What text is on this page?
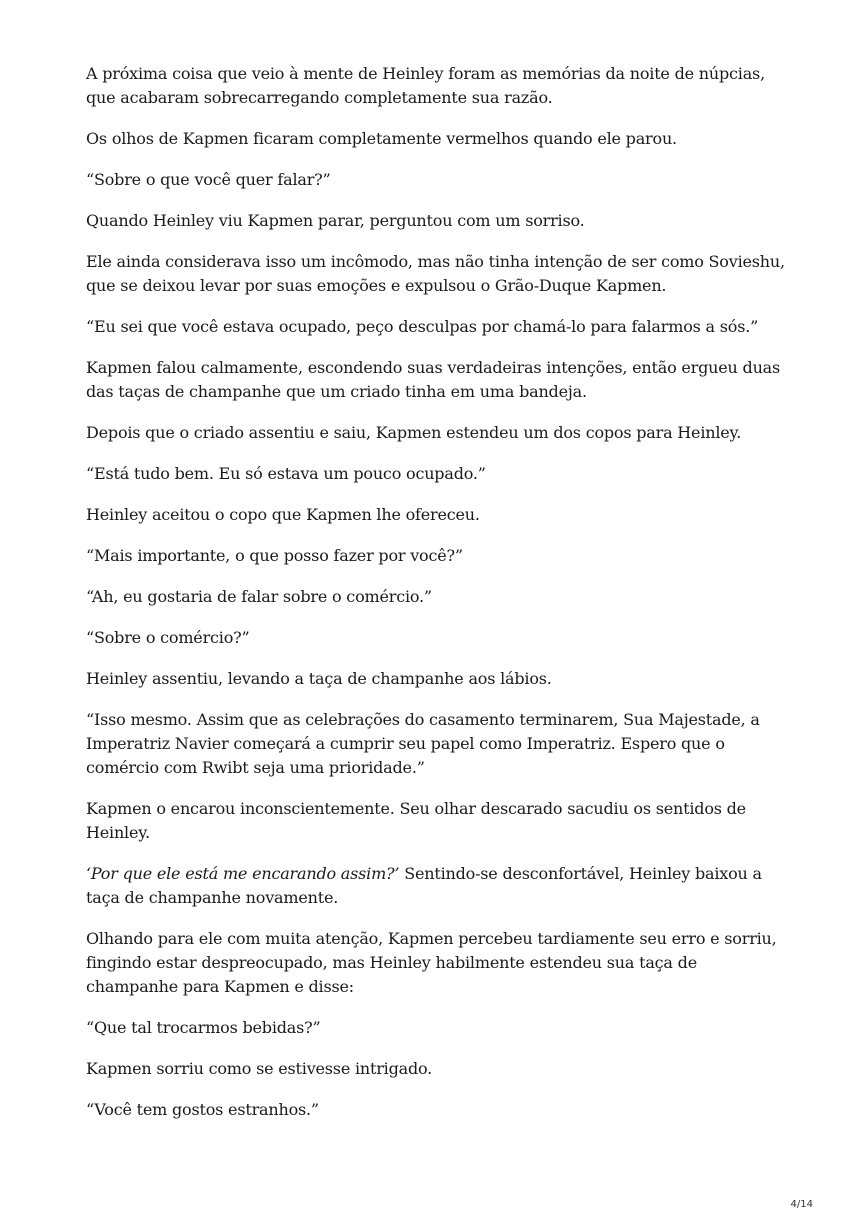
A próxima coisa que veio à mente de Heinley foram as memórias da noite de núpcias, que acabaram sobrecarregando completamente sua razão.

Os olhos de Kapmen ficaram completamente vermelhos quando ele parou.

“Sobre o que você quer falar?”

Quando Heinley viu Kapmen parar, perguntou com um sorriso.

Ele ainda considerava isso um incômodo, mas não tinha intenção de ser como Sovieshu, que se deixou levar por suas emoções e expulsou o Grão-Duque Kapmen.

“Eu sei que você estava ocupado, peço desculpas por chamá-lo para falarmos a sós.”

Kapmen falou calmamente, escondendo suas verdadeiras intenções, então ergueu duas das taças de champanhe que um criado tinha em uma bandeja.

Depois que o criado assentiu e saiu, Kapmen estendeu um dos copos para Heinley.

“Está tudo bem. Eu só estava um pouco ocupado.”

Heinley aceitou o copo que Kapmen lhe ofereceu.

“Mais importante, o que posso fazer por você?”

“Ah, eu gostaria de falar sobre o comércio.”

“Sobre o comércio?”

Heinley assentiu, levando a taça de champanhe aos lábios.

“Isso mesmo. Assim que as celebrações do casamento terminarem, Sua Majestade, a Imperatriz Navier começará a cumprir seu papel como Imperatriz. Espero que o comércio com Rwibt seja uma prioridade.”

Kapmen o encarou inconscientemente. Seu olhar descarado sacudiu os sentidos de Heinley.

‘Por que ele está me encarando assim?’ Sentindo-se desconfortável, Heinley baixou a taça de champanhe novamente.

Olhando para ele com muita atenção, Kapmen percebeu tardiamente seu erro e sorriu, fingindo estar despreocupado, mas Heinley habilmente estendeu sua taça de champanhe para Kapmen e disse:

“Que tal trocarmos bebidas?”

Kapmen sorriu como se estivesse intrigado.

“Você tem gostos estranhos.”

4/14
